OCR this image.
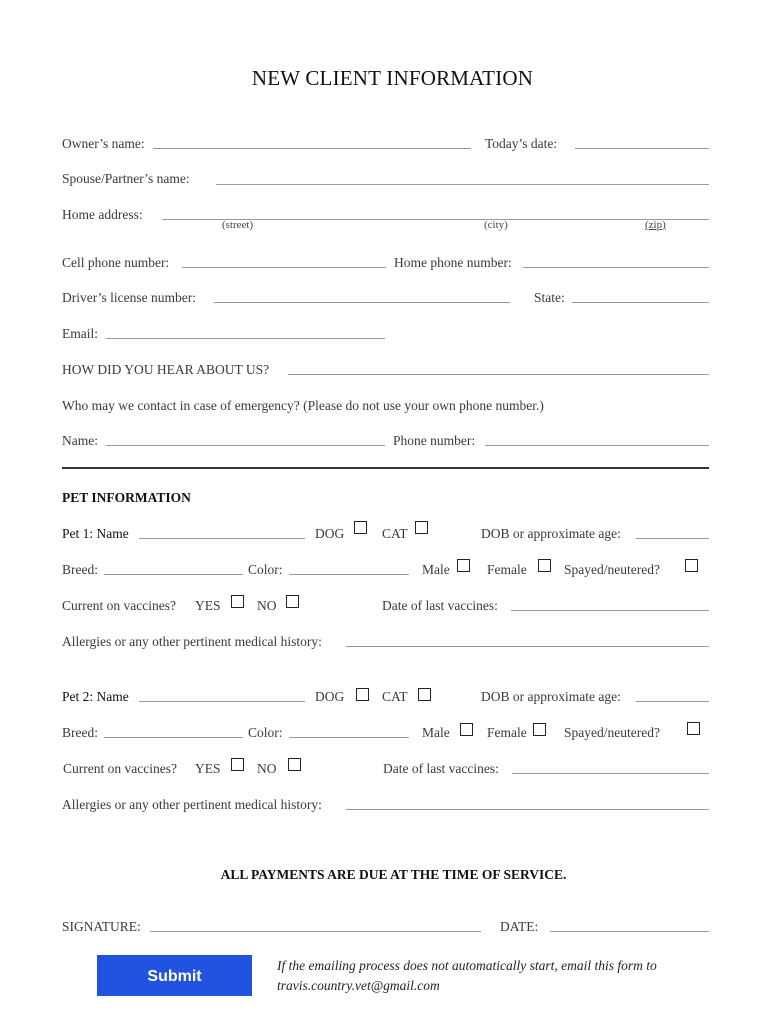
NEW CLIENT INFORMATION
Owner’s name:	Today’s date:
Spouse/Partner’s name:
Home address:
(street)	(city)	(zip)
Cell phone number:	Home phone number:
Driver’s license number:	State:
Email:
HOW DID YOU HEAR ABOUT US?
Who may we contact in case of emergency? (Please do not use your own phone number.)
Name:	Phone number:
PET INFORMATION
Pet 1: Name	DOG	CAT	DOB or approximate age:
Breed:	Color:	Male	Female	Spayed/neutered?
Current on vaccines? YES	NO	Date of last vaccines:
Allergies or any other pertinent medical history:
Pet 2: Name	DOG	CAT	DOB or approximate age:
Breed:	Color:	Male	Female	Spayed/neutered?
Current on vaccines? YES	NO	Date of last vaccines:
Allergies or any other pertinent medical history:
ALL PAYMENTS ARE DUE AT THE TIME OF SERVICE.
SIGNATURE:	DATE:
Submit
If the emailing process does not automatically start, email this form to travis.country.vet@gmail.com
